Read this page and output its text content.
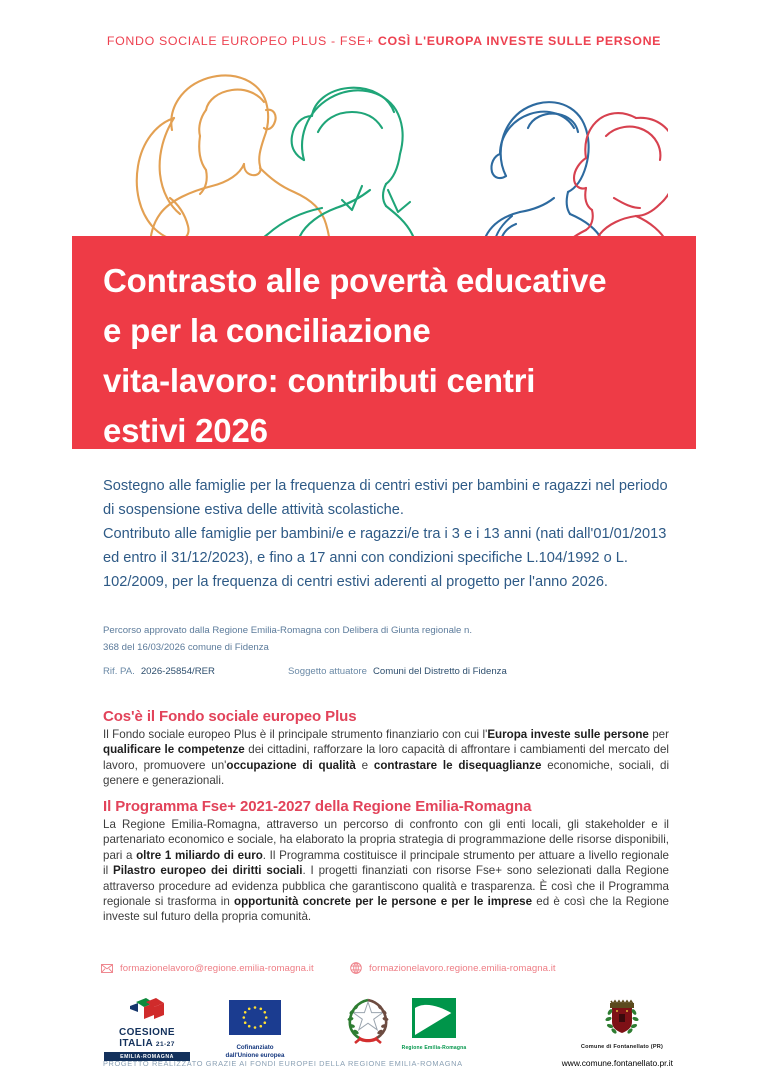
FONDO SOCIALE EUROPEO PLUS - FSE+ COSÌ L'EUROPA INVESTE SULLE PERSONE
Contrasto alle povertà educative
e per la conciliazione
vita-lavoro: contributi centri
estivi 2026

Sostegno alle famiglie per la frequenza di centri estivi per bambini e ragazzi nel periodo di sospensione estiva delle attività scolastiche.

Contributo alle famiglie per bambini/e e ragazzi/e tra i 3 e i 13 anni (nati dall'01/01/2013 ed entro il 31/12/2023), e fino a 17 anni con condizioni specifiche L.104/1992 o L. 102/2009, per la frequenza di centri estivi aderenti al progetto per l'anno 2026.

Percorso approvato dalla Regione Emilia-Romagna con Delibera di Giunta regionale n.
368 del 16/03/2026 comune di Fidenza
Rif. PA. 2026-25854/RER	Soggetto attuatore Comuni del Distretto di Fidenza
Cos'è il Fondo sociale europeo Plus
Il Fondo sociale europeo Plus è il principale strumento finanziario con cui l'Europa investe sulle persone per qualificare le competenze dei cittadini, rafforzare la loro capacità di affrontare i cambiamenti del mercato del lavoro, promuovere un'occupazione di qualità e contrastare le disequaglianze economiche, sociali, di genere e generazionali.
Il Programma Fse+ 2021-2027 della Regione Emilia-Romagna
La Regione Emilia-Romagna, attraverso un percorso di confronto con gli enti locali, gli stakeholder e il partenariato economico e sociale, ha elaborato la propria strategia di programmazione delle risorse disponibili, pari a oltre 1 miliardo di euro. Il Programma costituisce il principale strumento per attuare a livello regionale il Pilastro europeo dei diritti sociali. I progetti finanziati con risorse Fse+ sono selezionati dalla Regione attraverso procedure ad evidenza pubblica che garantiscono qualità e trasparenza. È così che il Programma regionale si trasforma in opportunità concrete per le persone e per le imprese ed è così che la Regione investe sul futuro della propria comunità.
formazionelavoro@regione.emilia-romagna.it	formazionelavoro.regione.emilia-romagna.it
COESIONE
ITALIA 21-27
EMILIA-ROMAGNA
Cofinanziato
dall'Unione europea
Regione Emilia-Romagna	Comune di Fontanellato (PR)
PROGETTO REALIZZATO GRAZIE AI FONDI EUROPEI DELLA REGIONE EMILIA-ROMAGNA	www.comune.fontanellato.pr.it
